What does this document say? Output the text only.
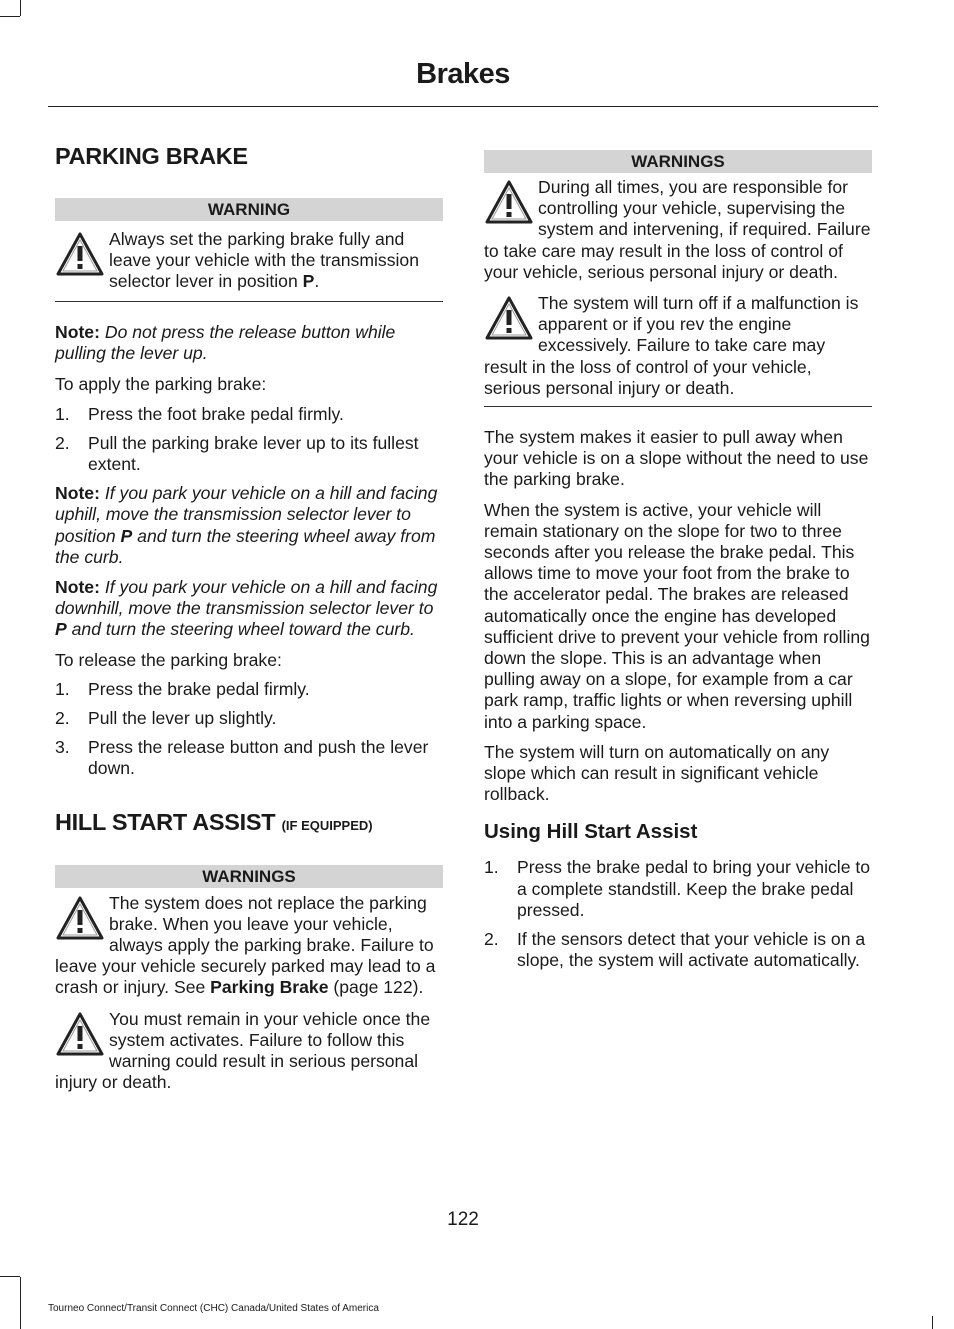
Brakes
PARKING BRAKE
WARNING

Always set the parking brake fully and leave your vehicle with the transmission selector lever in position P.

Note: Do not press the release button while pulling the lever up.

To apply the parking brake:

1. Press the foot brake pedal firmly.
2. Pull the parking brake lever up to its fullest extent.

Note: If you park your vehicle on a hill and facing uphill, move the transmission selector lever to position P and turn the steering wheel away from the curb.

Note: If you park your vehicle on a hill and facing downhill, move the transmission selector lever to P and turn the steering wheel toward the curb.

To release the parking brake:

1. Press the brake pedal firmly.
2. Pull the lever up slightly.
3. Press the release button and push the lever down.
HILL START ASSIST (IF EQUIPPED)
WARNINGS

The system does not replace the parking brake. When you leave your vehicle, always apply the parking brake. Failure to leave your vehicle securely parked may lead to a crash or injury. See Parking Brake (page 122).

You must remain in your vehicle once the system activates. Failure to follow this warning could result in serious personal injury or death.

WARNINGS

During all times, you are responsible for controlling your vehicle, supervising the system and intervening, if required. Failure to take care may result in the loss of control of your vehicle, serious personal injury or death.

The system will turn off if a malfunction is apparent or if you rev the engine excessively. Failure to take care may result in the loss of control of your vehicle, serious personal injury or death.

The system makes it easier to pull away when your vehicle is on a slope without the need to use the parking brake.

When the system is active, your vehicle will remain stationary on the slope for two to three seconds after you release the brake pedal. This allows time to move your foot from the brake to the accelerator pedal. The brakes are released automatically once the engine has developed sufficient drive to prevent your vehicle from rolling down the slope. This is an advantage when pulling away on a slope, for example from a car park ramp, traffic lights or when reversing uphill into a parking space.

The system will turn on automatically on any slope which can result in significant vehicle rollback.

Using Hill Start Assist
1. Press the brake pedal to bring your vehicle to a complete standstill. Keep the brake pedal pressed.
2. If the sensors detect that your vehicle is on a slope, the system will activate automatically.
122
Tourneo Connect/Transit Connect (CHC) Canada/United States of America
